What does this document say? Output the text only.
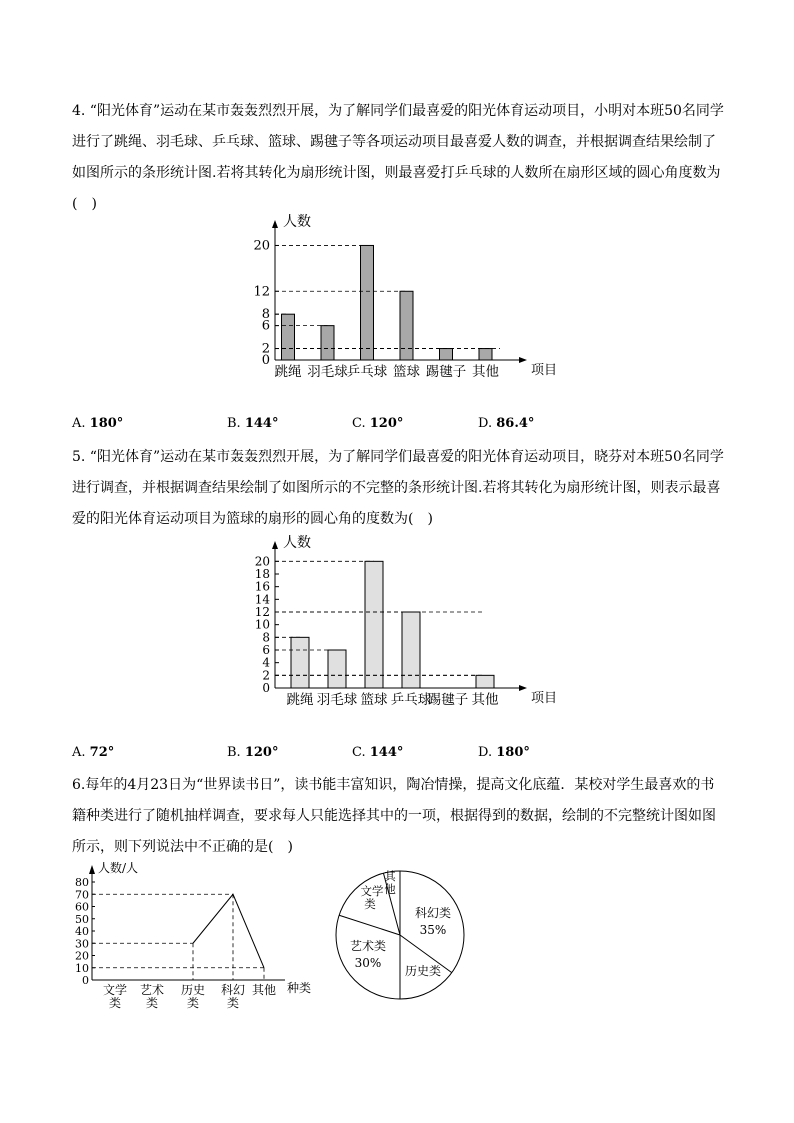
4. “阳光体育”运动在某市轰轰烈烈开展，为了解同学们最喜爱的阳光体育运动项目，小明对本班50名同学进行了跳绳、羽毛球、乒乓球、篮球、踢毽子等各项运动项目最喜爱人数的调查，并根据调查结果绘制了如图所示的条形统计图.若将其转化为扇形统计图，则最喜爱打乒乓球的人数所在扇形区域的圆心角度数为(　)
人数
项目
0
2
6
8
12
20
跳绳 羽毛球 乒乓球 篮球 踢毽子 其他
A. 180°	B. 144°	C. 120°	D. 86.4°
5. “阳光体育”运动在某市轰轰烈烈开展，为了解同学们最喜爱的阳光体育运动项目，晓芬对本班50名同学进行调查，并根据调查结果绘制了如图所示的不完整的条形统计图.若将其转化为扇形统计图，则表示最喜爱的阳光体育运动项目为篮球的扇形的圆心角的度数为(　)
人数
项目
0
2
4
6
8
10
12
14
16
18
20
跳绳 羽毛球 篮球 乒乓球
踢毽子 其他
A. 72°	B. 120°	C. 144°	D. 180°
6.每年的4月23日为“世界读书日”，读书能丰富知识，陶冶情操，提高文化底蕴．某校对学生最喜欢的书籍种类进行了随机抽样调查，要求每人只能选择其中的一项，根据得到的数据，绘制的不完整统计图如图所示，则下列说法中不正确的是(　)
人数/人
种类
0
10
20
30
40
50
60
70
80
文学
类
艺术
类
历史
类
科幻
类
其他
科幻类
35%
历史类
艺术类
30%
文学
类
其
他
